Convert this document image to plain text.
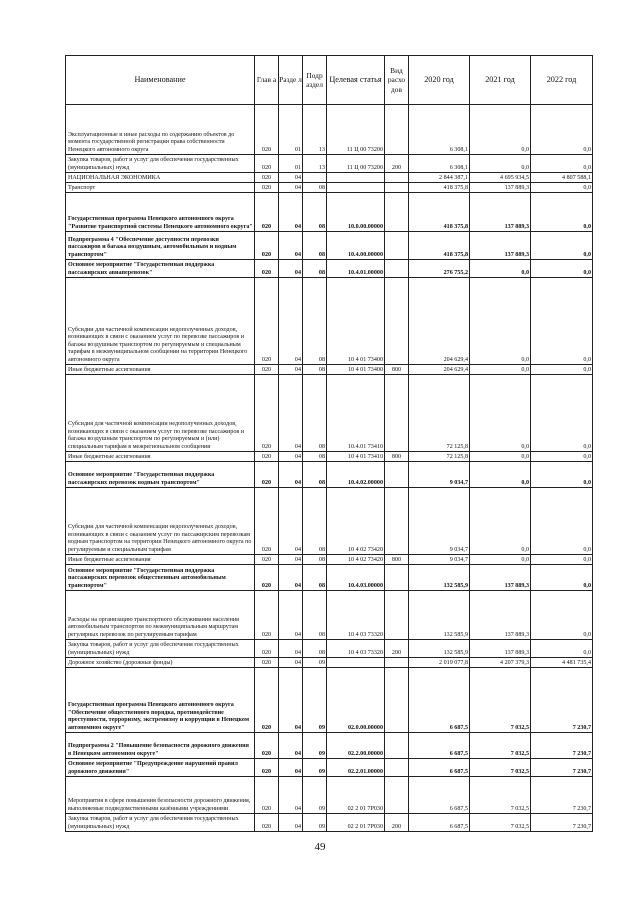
Наименование	Глав а	Разде л	Подр аздел	Целевая статья	Вид расхо дов	2020 год	2021 год	2022 год
Эксплуатационные и иные расходы по содержанию объектов до момента государственной регистрации права собственности Ненецкого автономного округа	020	01	13	11 Ц 00 73200		6 308,1	0,0	0,0
Закупка товаров, работ и услуг для обеспечения государственных (муниципальных) нужд	020	01	13	11 Ц 00 73200	200	6 308,1	0,0	0,0
НАЦИОНАЛЬНАЯ ЭКОНОМИКА	020	04				2 844 387,1	4 695 934,5	4 807 588,1
Транспорт	020	04	08			418 375,8	137 889,3	0,0
Государственная программа Ненецкого автономного округа "Развитие транспортной системы Ненецкого автономного округа"	020	04	08	10.0.00.00000		418 375,8	137 889,3	0,0
Подпрограмма 4 "Обеспечение доступности перевозки пассажиров и багажа воздушным, автомобильным и водным транспортом"	020	04	08	10.4.00.00000		418 375,8	137 889,3	0,0
Основное мероприятие "Государственная поддержка пассажирских авиаперевозок"	020	04	08	10.4.01.00000		276 755,2	0,0	0,0
Субсидии для частичной компенсации недополученных доходов, возникающих в связи с оказанием услуг по перевозке пассажиров и багажа воздушным транспортом по регулируемым и специальным тарифам в межмуниципальном сообщении на территории Ненецкого автономного округа	020	04	08	10 4 01 73400		204 629,4	0,0	0,0
Иные бюджетные ассигнования	020	04	08	10 4 01 73400	800	204 629,4	0,0	0,0
Субсидия для частичной компенсации недополученных доходов, возникающих в связи с оказанием услуг по перевозке пассажиров и багажа воздушным транспортом по регулируемым и (или) специальным тарифам в межрегиональном сообщении	020	04	08	10.4.01 73410		72 125,8	0,0	0,0
Иные бюджетные ассигнования	020	04	08	10 4 01 73410	800	72 125,8	0,0	0,0
Основное мероприятие "Государственная поддержка пассажирских перевозок водным транспортом"	020	04	08	10.4.02.00000		9 034,7	0,0	0,0
Субсидии для частичной компенсации недополученных доходов, возникающих в связи с оказанием услуг по пассажирским перевозкам водным транспортом на территории Ненецкого автономного округа по регулируемым и специальным тарифам	020	04	08	10 4 02 73420		9 034,7	0,0	0,0
Иные бюджетные ассигнования	020	04	08	10 4 02 73420	800	9 034,7	0,0	0,0
Основное мероприятие "Государственная поддержка пассажирских перевозок общественным автомобильным транспортом"	020	04	08	10.4.03.00000		132 585,9	137 889,3	0,0
Расходы на организацию транспортного обслуживания населения автомобильным транспортом по межмуниципальным маршрутам регулярных перевозок по регулируемым тарифам	020	04	08	10 4 03 73320		132 585,9	137 889,3	0,0
Закупка товаров, работ и услуг для обеспечения государственных (муниципальных) нужд	020	04	08	10 4 03 73320	200	132 585,9	137 889,3	0,0
Дорожное хозяйство (дорожные фонды)	020	04	09			2 019 077,8	4 207 379,3	4 481 735,4
Государственная программа Ненецкого автономного округа "Обеспечение общественного порядка, противодействие преступности, терроризму, экстремизму и коррупции в Ненецком автономном округе"	020	04	09	02.0.00.00000		6 687,5	7 032,5	7 230,7
Подпрограмма 2 "Повышение безопасности дорожного движения в Ненецком автономном округе"	020	04	09	02.2.00.00000		6 687,5	7 032,5	7 230,7
Основное мероприятие "Предупреждение нарушений правил дорожного движения"	020	04	09	02.2.01.00000		6 687,5	7 032,5	7 230,7
Мероприятия в сфере повышения безопасности дорожного движения, выполняемые подведомственными казёнными учреждениями	020	04	09	02 2 01 7Р030		6 687,5	7 032,5	7 230,7
Закупка товаров, работ и услуг для обеспечения государственных (муниципальных) нужд	020	04	09	02 2 01 7Р030	200	6 687,5	7 032,5	7 230,7
49
